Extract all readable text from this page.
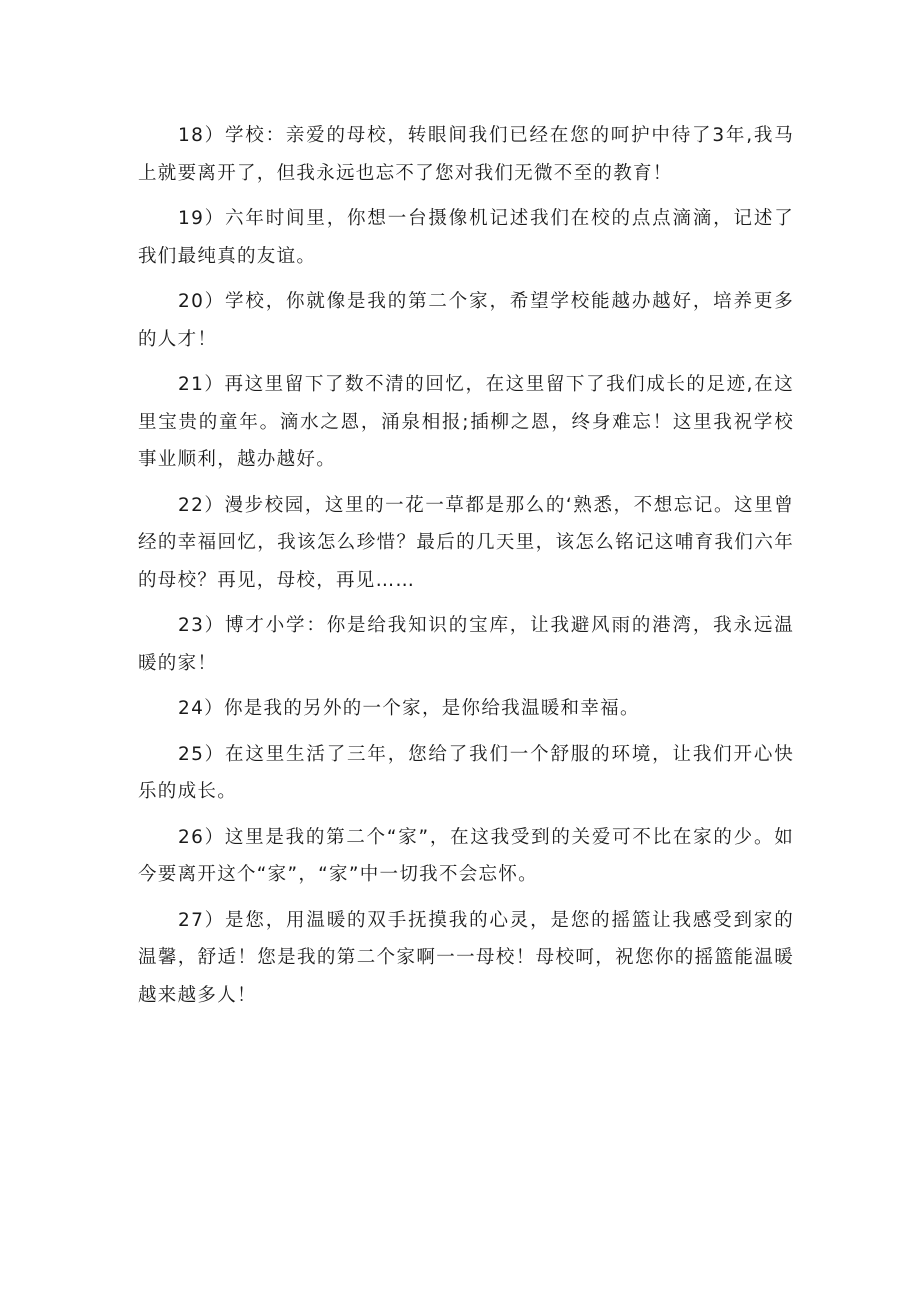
18）学校：亲爱的母校，转眼间我们已经在您的呵护中待了3年,我马上就要离开了，但我永远也忘不了您对我们无微不至的教育！

19）六年时间里，你想一台摄像机记述我们在校的点点滴滴，记述了我们最纯真的友谊。

20）学校，你就像是我的第二个家，希望学校能越办越好，培养更多的人才！

21）再这里留下了数不清的回忆，在这里留下了我们成长的足迹,在这里宝贵的童年。滴水之恩，涌泉相报;插柳之恩，终身难忘！这里我祝学校事业顺利，越办越好。

22）漫步校园，这里的一花一草都是那么的‘熟悉，不想忘记。这里曾经的幸福回忆，我该怎么珍惜？最后的几天里，该怎么铭记这哺育我们六年的母校？再见，母校，再见……

23）博才小学：你是给我知识的宝库，让我避风雨的港湾，我永远温暖的家！

24）你是我的另外的一个家，是你给我温暖和幸福。

25）在这里生活了三年，您给了我们一个舒服的环境，让我们开心快乐的成长。

26）这里是我的第二个“家”，在这我受到的关爱可不比在家的少。如今要离开这个“家”，“家”中一切我不会忘怀。

27）是您，用温暖的双手抚摸我的心灵，是您的摇篮让我感受到家的温馨，舒适！您是我的第二个家啊一一母校！母校呵，祝您你的摇篮能温暖越来越多人！
